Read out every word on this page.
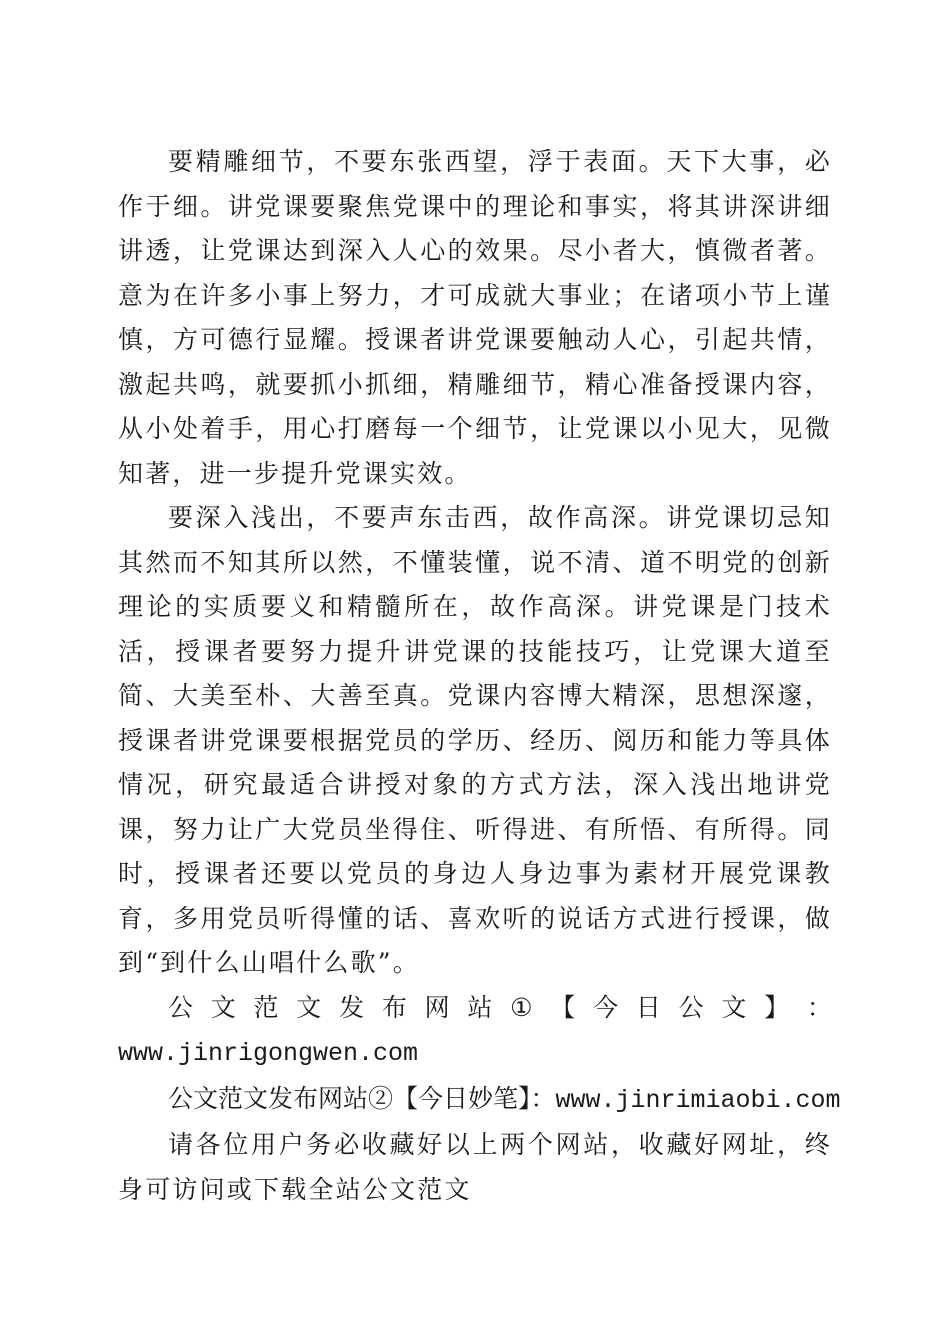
要精雕细节，不要东张西望，浮于表面。天下大事，必作于细。讲党课要聚焦党课中的理论和事实，将其讲深讲细讲透，让党课达到深入人心的效果。尽小者大，慎微者著。意为在许多小事上努力，才可成就大事业；在诸项小节上谨慎，方可德行显耀。授课者讲党课要触动人心，引起共情，激起共鸣，就要抓小抓细，精雕细节，精心准备授课内容，从小处着手，用心打磨每一个细节，让党课以小见大，见微知著，进一步提升党课实效。

要深入浅出，不要声东击西，故作高深。讲党课切忌知其然而不知其所以然，不懂装懂，说不清、道不明党的创新理论的实质要义和精髓所在，故作高深。讲党课是门技术活，授课者要努力提升讲党课的技能技巧，让党课大道至简、大美至朴、大善至真。党课内容博大精深，思想深邃，授课者讲党课要根据党员的学历、经历、阅历和能力等具体情况，研究最适合讲授对象的方式方法，深入浅出地讲党课，努力让广大党员坐得住、听得进、有所悟、有所得。同时，授课者还要以党员的身边人身边事为素材开展党课教育，多用党员听得懂的话、喜欢听的说话方式进行授课，做到“到什么山唱什么歌”。

公 文 范 文 发 布 网 站 ① 【 今 日 公 文 】 ：

www.jinrigongwen.com

公文范文发布网站②【今日妙笔】：www.jinrimiaobi.com

请各位用户务必收藏好以上两个网站，收藏好网址，终身可访问或下载全站公文范文
